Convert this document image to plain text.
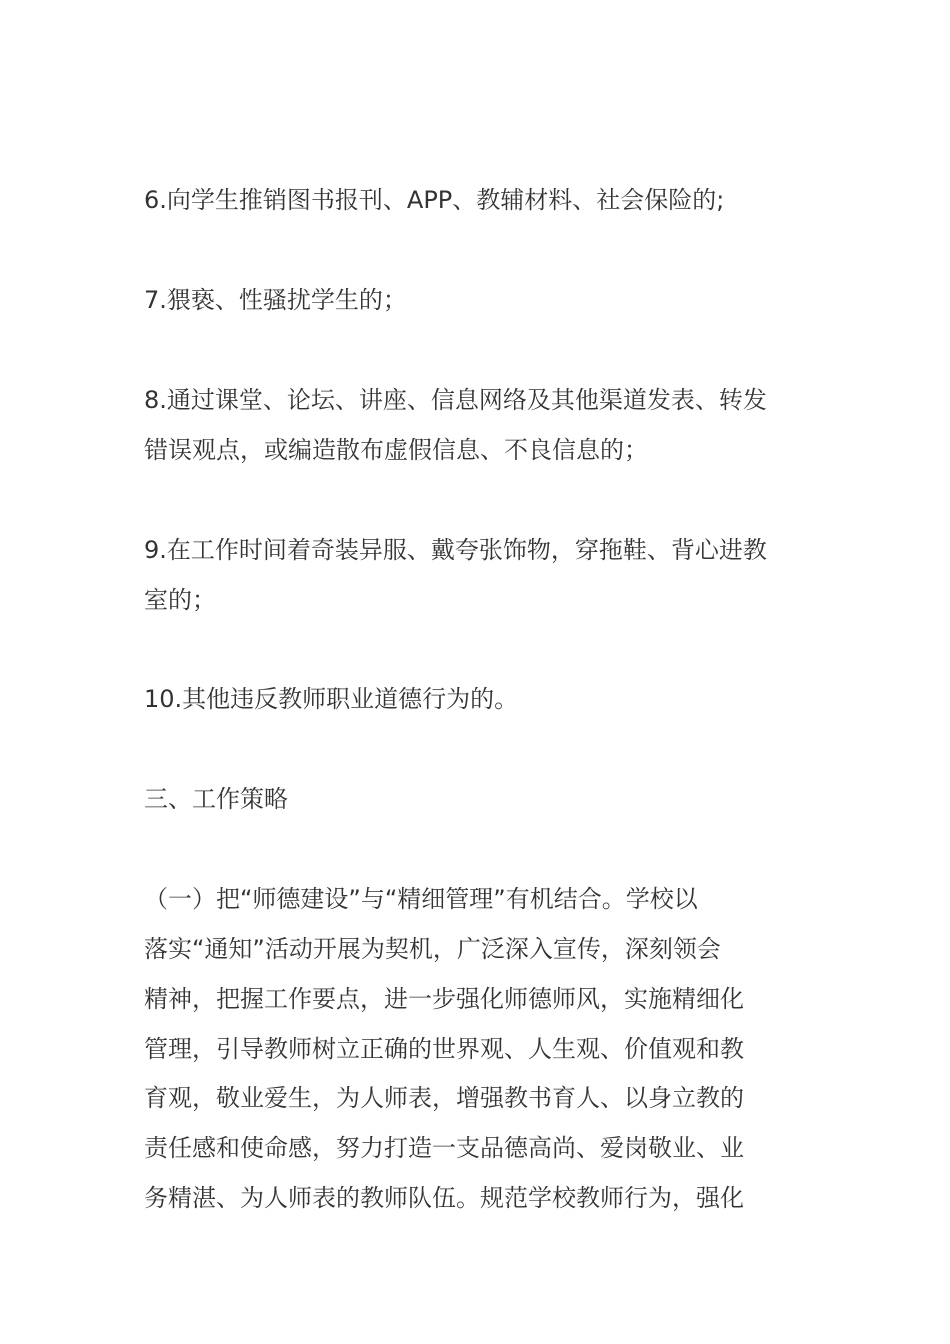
6.向学生推销图书报刊、APP、教辅材料、社会保险的;
7.猥亵、性骚扰学生的；
8.通过课堂、论坛、讲座、信息网络及其他渠道发表、转发
错误观点，或编造散布虚假信息、不良信息的；
9.在工作时间着奇装异服、戴夸张饰物，穿拖鞋、背心进教
室的；
10.其他违反教师职业道德行为的。
三、工作策略
（一）把“师德建设”与“精细管理”有机结合。学校以
落实“通知”活动开展为契机，广泛深入宣传，深刻领会
精神，把握工作要点，进一步强化师德师风，实施精细化
管理，引导教师树立正确的世界观、人生观、价值观和教
育观，敬业爱生，为人师表，增强教书育人、以身立教的
责任感和使命感，努力打造一支品德高尚、爱岗敬业、业
务精湛、为人师表的教师队伍。规范学校教师行为，强化
